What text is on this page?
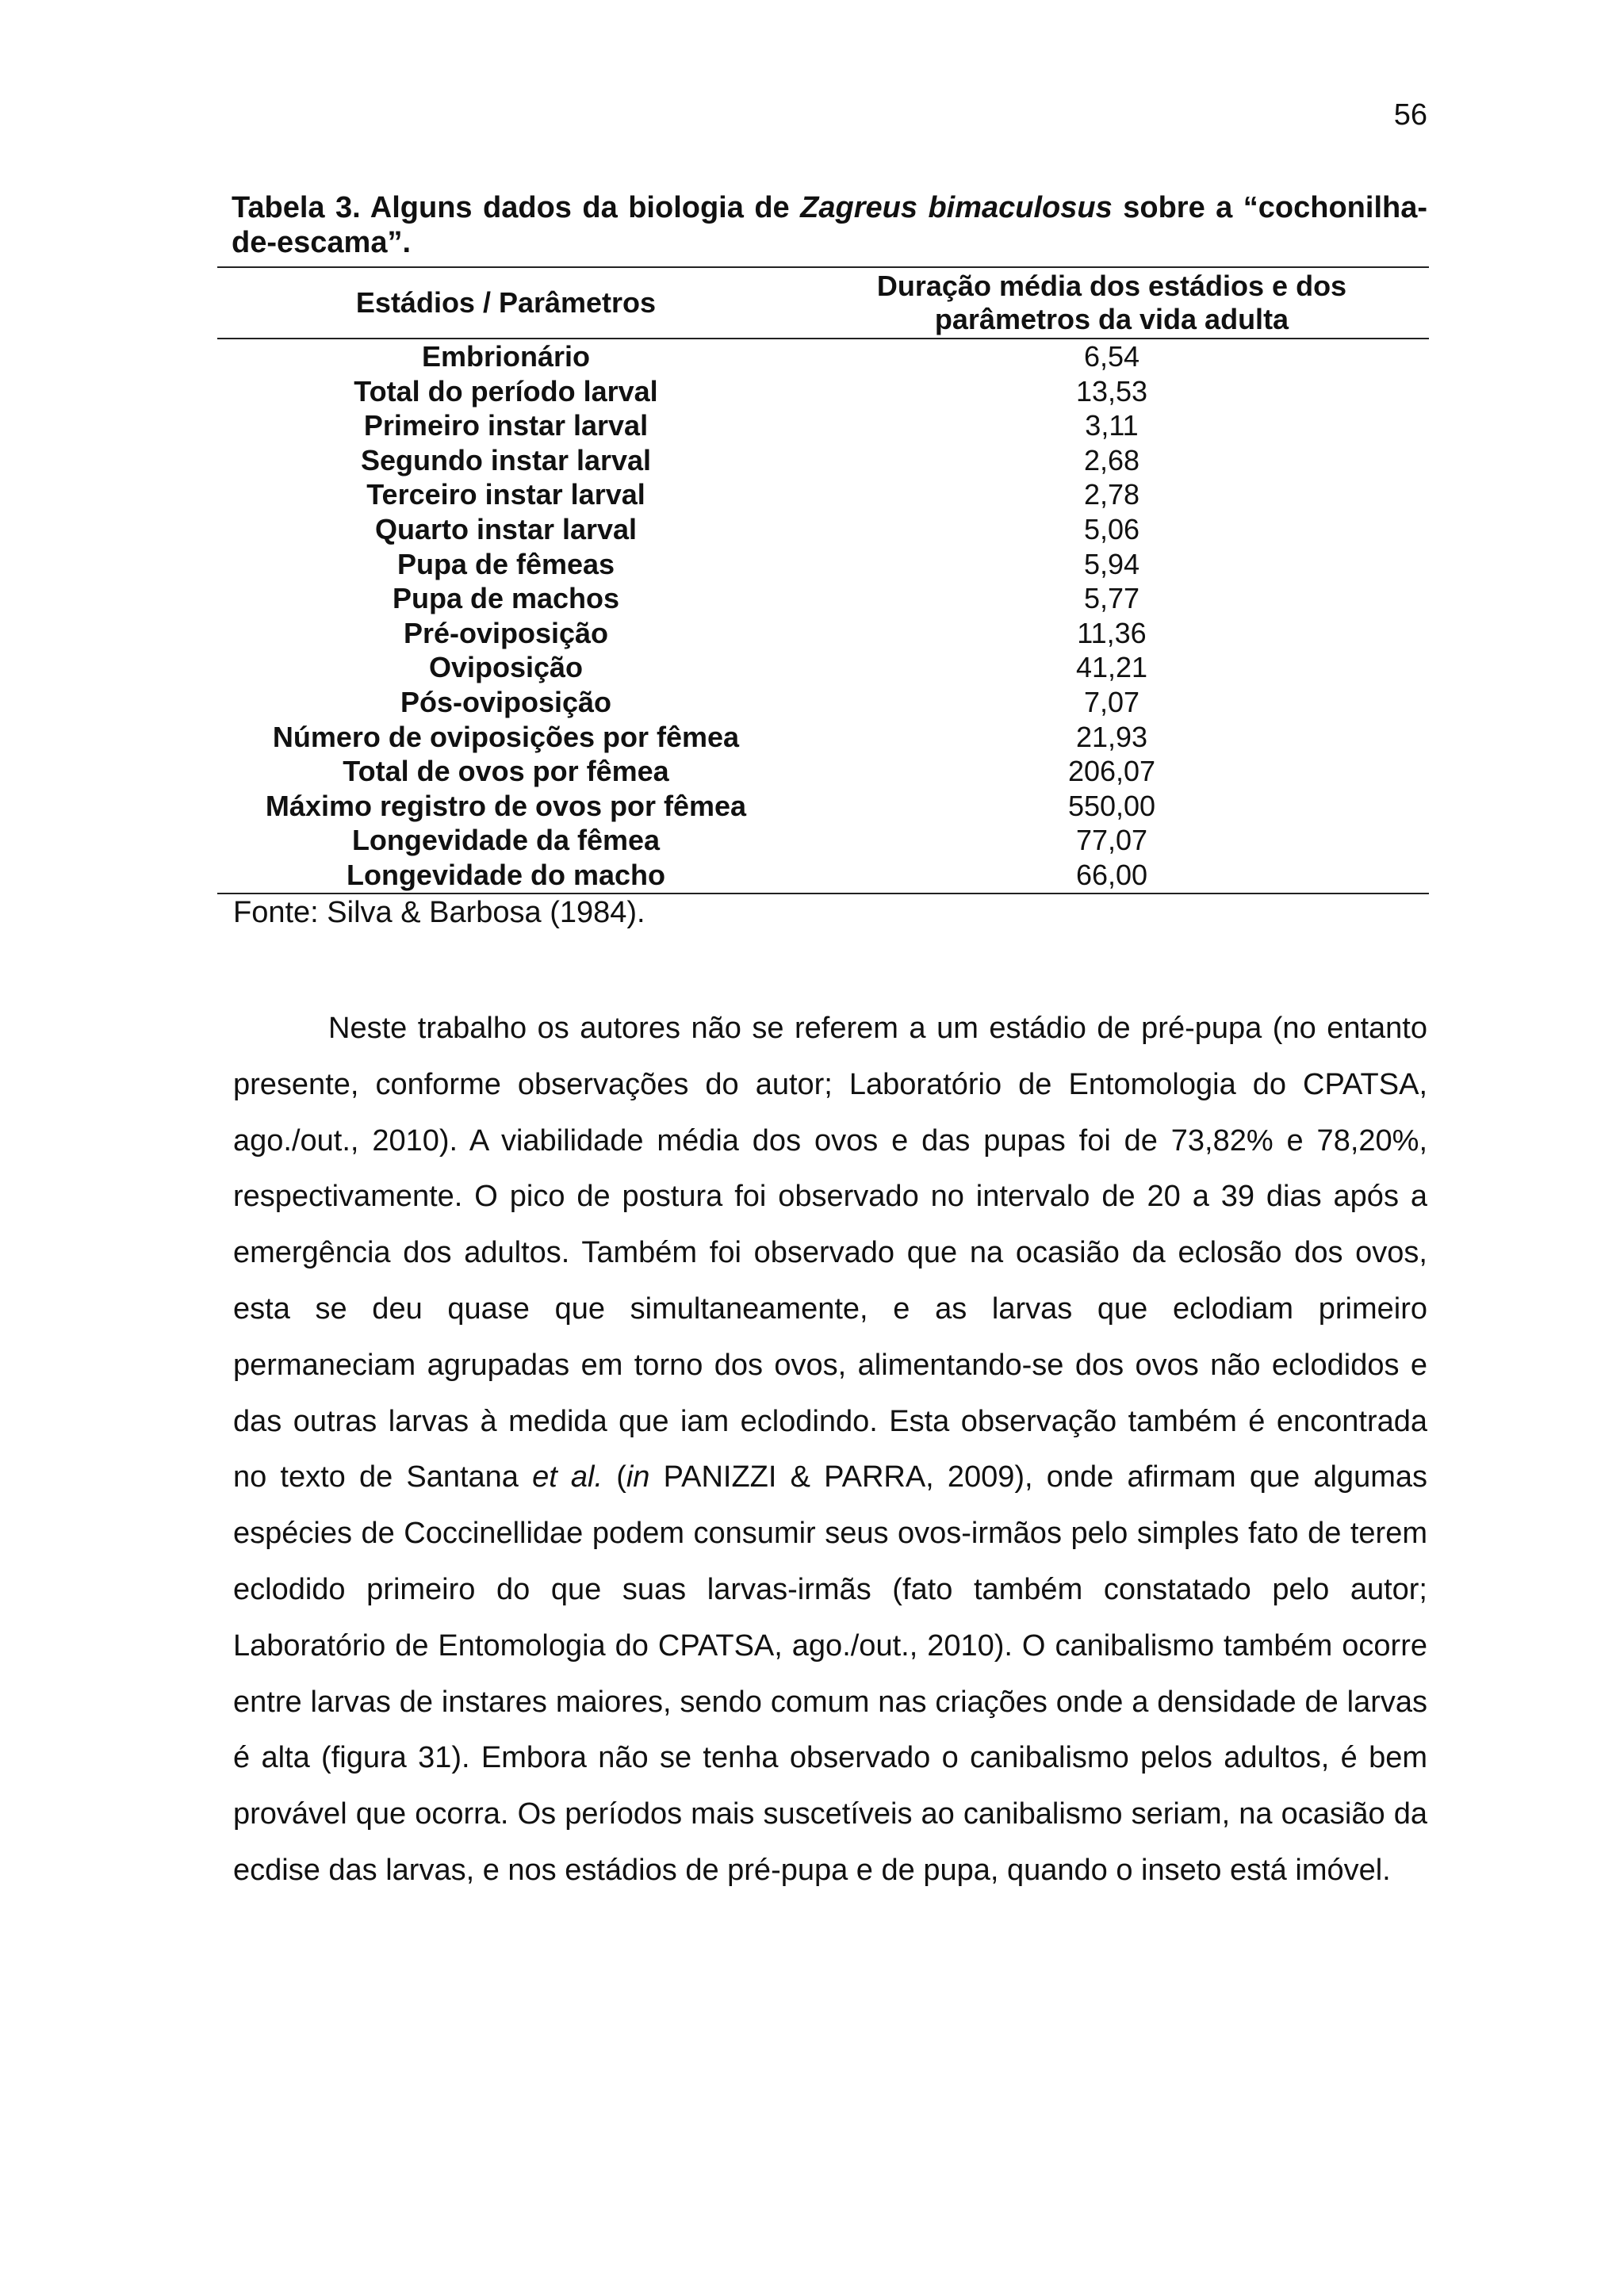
56
Tabela 3. Alguns dados da biologia de Zagreus bimaculosus sobre a “cochonilha-de-escama”.
Estádios / Parâmetros	Duração média dos estádios e dos
parâmetros da vida adulta

Embrionário	6,54
Total do período larval	13,53
Primeiro instar larval	3,11
Segundo instar larval	2,68
Terceiro instar larval	2,78
Quarto instar larval	5,06
Pupa de fêmeas	5,94
Pupa de machos	5,77
Pré-oviposição	11,36
Oviposição	41,21
Pós-oviposição	7,07
Número de oviposições por fêmea	21,93
Total de ovos por fêmea	206,07
Máximo registro de ovos por fêmea	550,00
Longevidade da fêmea	77,07
Longevidade do macho	66,00
Fonte: Silva & Barbosa (1984).

Neste trabalho os autores não se referem a um estádio de pré-pupa (no entanto presente, conforme observações do autor; Laboratório de Entomologia do CPATSA, ago./out., 2010). A viabilidade média dos ovos e das pupas foi de 73,82% e 78,20%, respectivamente. O pico de postura foi observado no intervalo de 20 a 39 dias após a emergência dos adultos. Também foi observado que na ocasião da eclosão dos ovos, esta se deu quase que simultaneamente, e as larvas que eclodiam primeiro permaneciam agrupadas em torno dos ovos, alimentando-se dos ovos não eclodidos e das outras larvas à medida que iam eclodindo. Esta observação também é encontrada no texto de Santana et al. (in PANIZZI & PARRA, 2009), onde afirmam que algumas espécies de Coccinellidae podem consumir seus ovos-irmãos pelo simples fato de terem eclodido primeiro do que suas larvas-irmãs (fato também constatado pelo autor; Laboratório de Entomologia do CPATSA, ago./out., 2010). O canibalismo também ocorre entre larvas de instares maiores, sendo comum nas criações onde a densidade de larvas é alta (figura 31). Embora não se tenha observado o canibalismo pelos adultos, é bem provável que ocorra. Os períodos mais suscetíveis ao canibalismo seriam, na ocasião da ecdise das larvas, e nos estádios de pré-pupa e de pupa, quando o inseto está imóvel.
